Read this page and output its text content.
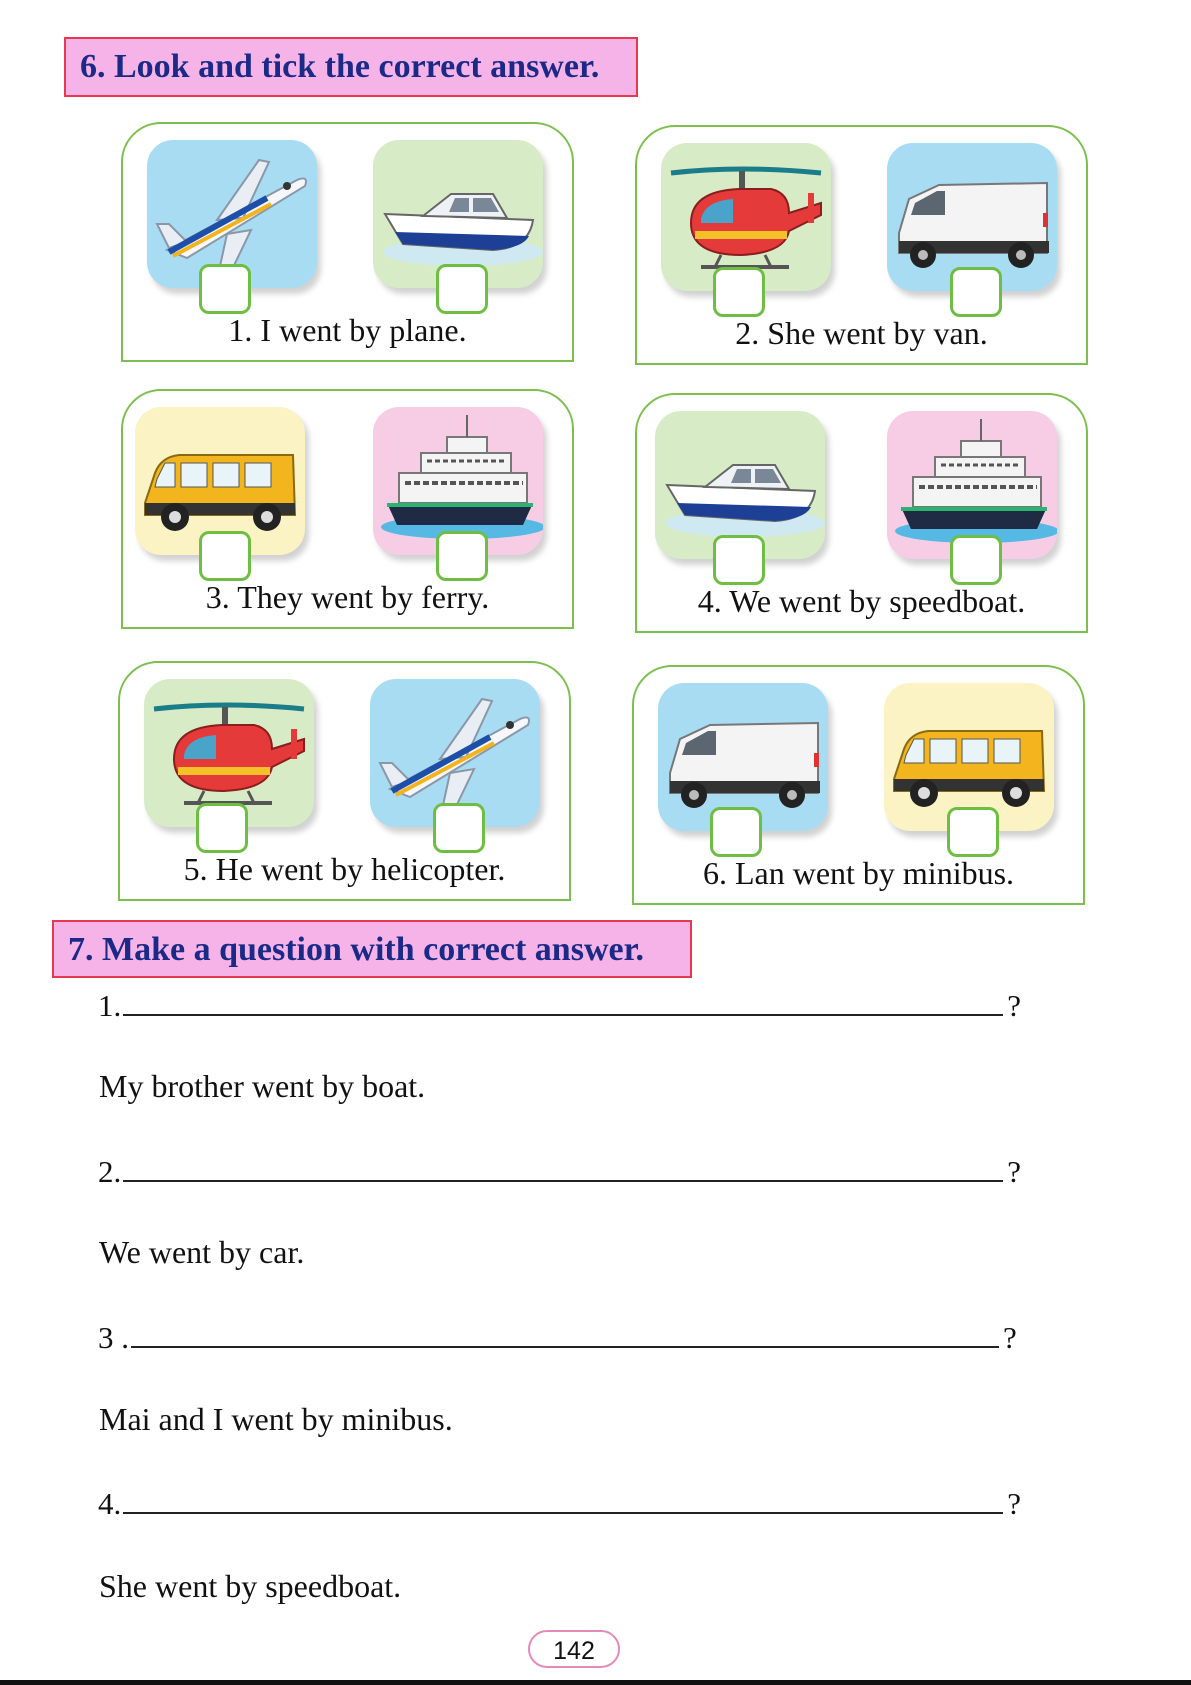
6. Look and tick the correct answer.
1. I went by plane.	2. She went by van.
3. They went by ferry.	4. We went by speedboat.
5. He went by helicopter.	6. Lan went by minibus.
7. Make a question with correct answer.
1.	?
My brother went by boat.
2.	?
We went by car.
3 .	?
Mai and I went by minibus.
4.	?
She went by speedboat.
142
